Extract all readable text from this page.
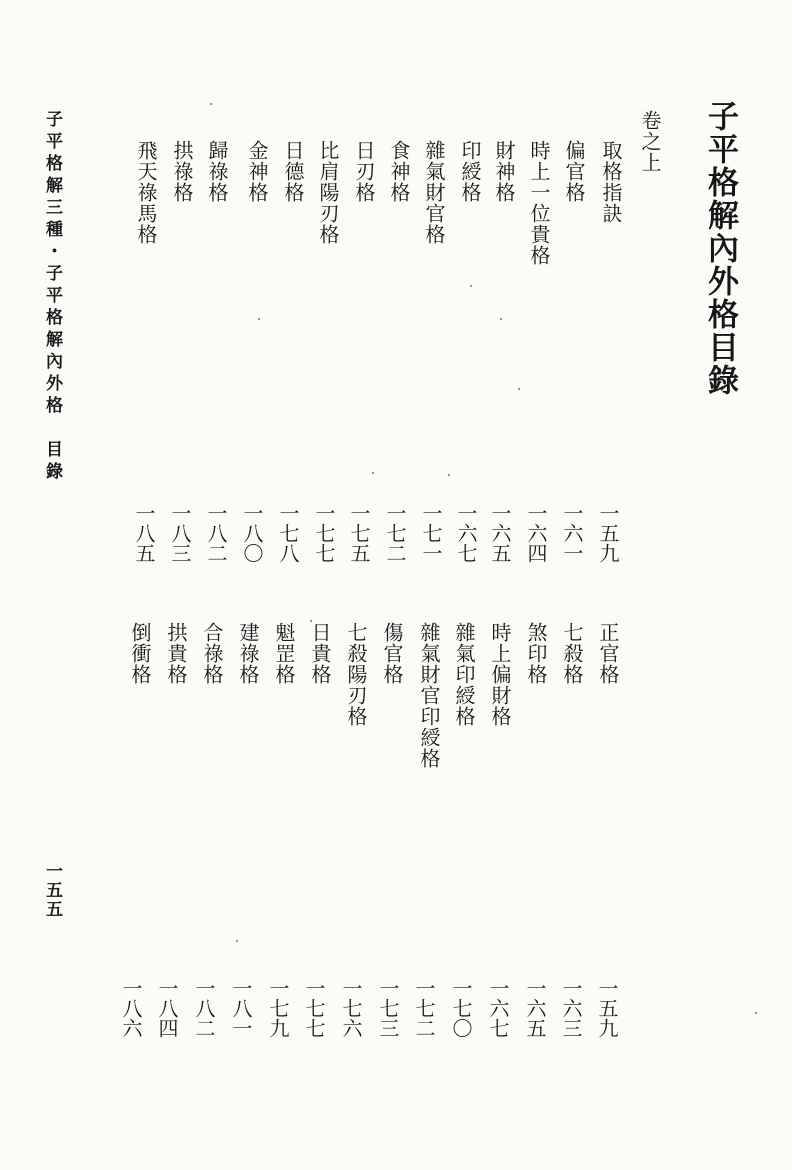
子平格解內外格目錄
卷之上
取格指訣
偏官格
時上一位貴格
財神格
印綬格
雜氣財官格
食神格
日刃格
比肩陽刃格
日德格
金神格
歸祿格
拱祿格
飛天祿馬格
一五九
一六一
一六四
一六五
一六七
一七一
一七二
一七五
一七七
一七八
一八〇
一八二
一八三
一八五
正官格
七殺格
煞印格
時上偏財格
雜氣印綬格
雜氣財官印綬格
傷官格
七殺陽刃格
日貴格
魁罡格
建祿格
合祿格
拱貴格
倒衝格
一五九
一六三
一六五
一六七
一七〇
一七二
一七三
一七六
一七七
一七九
一八一
一八二
一八四
一八六
子平格解三種・子平格解內外格　目錄
一五五
